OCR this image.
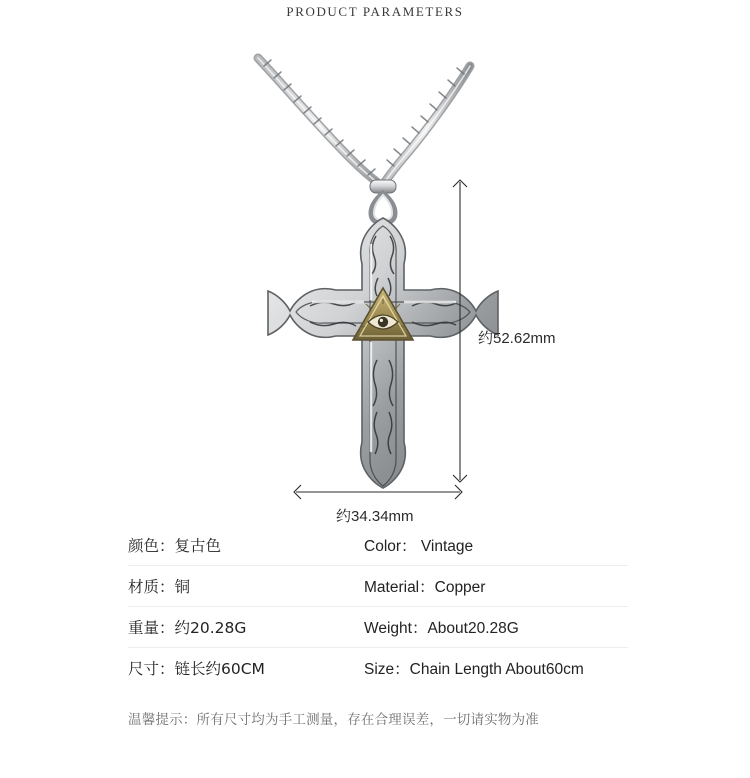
PRODUCT PARAMETERS
约52.62mm
约34.34mm
颜色：复古色	Color： Vintage
材质：铜	Material：Copper
重量：约20.28G	Weight：About20.28G
尺寸：链长约60CM	Size：Chain Length About60cm
温馨提示：所有尺寸均为手工测量，存在合理误差，一切请实物为准
